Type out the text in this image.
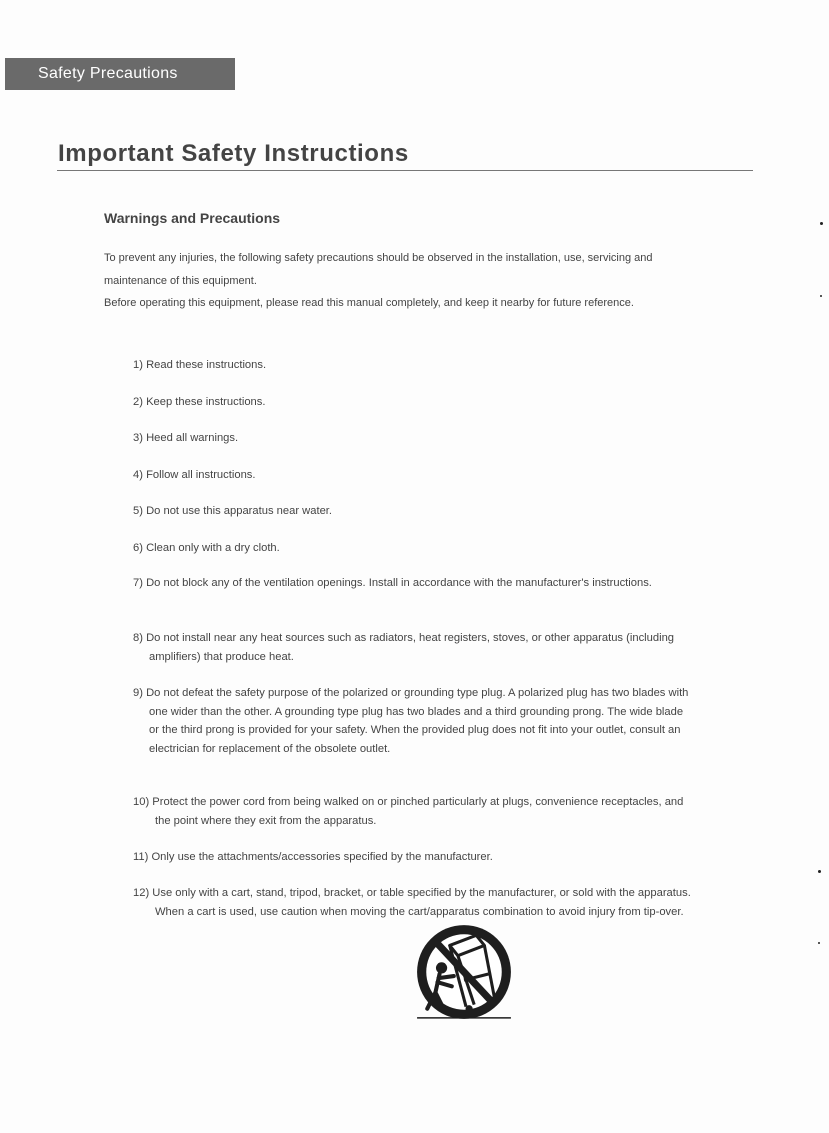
Safety Precautions
Important Safety Instructions
Warnings and Precautions

To prevent any injuries, the following safety precautions should be observed in the installation, use, servicing and maintenance of this equipment.

Before operating this equipment, please read this manual completely, and keep it nearby for future reference.

1) Read these instructions.
2) Keep these instructions.
3) Heed all warnings.
4) Follow all instructions.
5) Do not use this apparatus near water.
6) Clean only with a dry cloth.
7) Do not block any of the ventilation openings. Install in accordance with the manufacturer's instructions.
8) Do not install near any heat sources such as radiators, heat registers, stoves, or other apparatus (including amplifiers) that produce heat.
9) Do not defeat the safety purpose of the polarized or grounding type plug. A polarized plug has two blades with one wider than the other. A grounding type plug has two blades and a third grounding prong. The wide blade or the third prong is provided for your safety. When the provided plug does not fit into your outlet, consult an electrician for replacement of the obsolete outlet.
10) Protect the power cord from being walked on or pinched particularly at plugs, convenience receptacles, and the point where they exit from the apparatus.
11) Only use the attachments/accessories specified by the manufacturer.
12) Use only with a cart, stand, tripod, bracket, or table specified by the manufacturer, or sold with the apparatus. When a cart is used, use caution when moving the cart/apparatus combination to avoid injury from tip-over.
